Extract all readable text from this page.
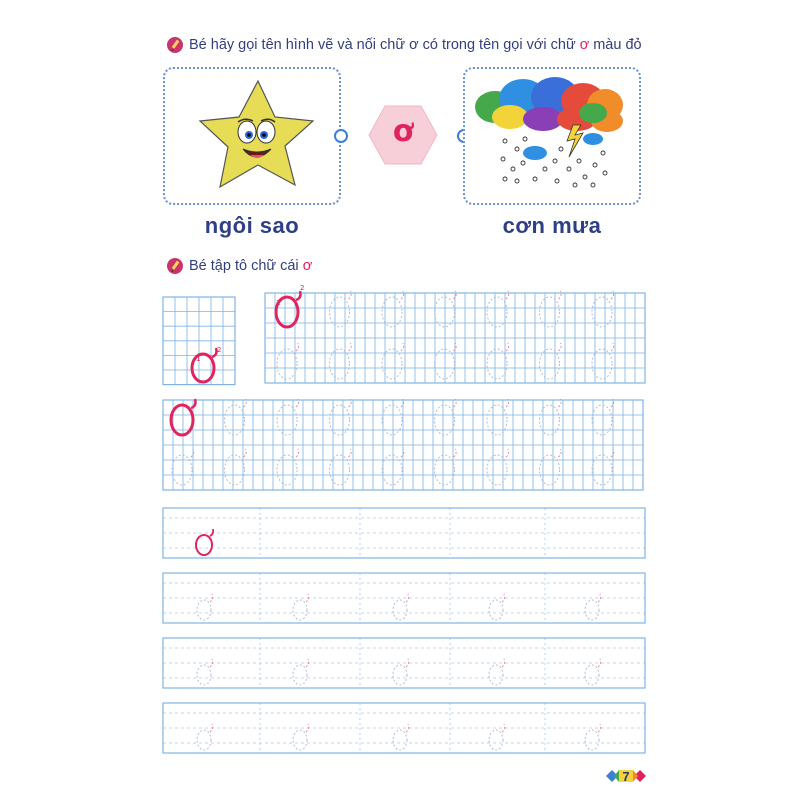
Bé hãy gọi tên hình vẽ và nối chữ ơ có trong tên gọi với chữ ơ màu đỏ
ơ
ngôi sao	cơn mưa
Bé tập tô chữ cái ơ
1
2
1
2
7
